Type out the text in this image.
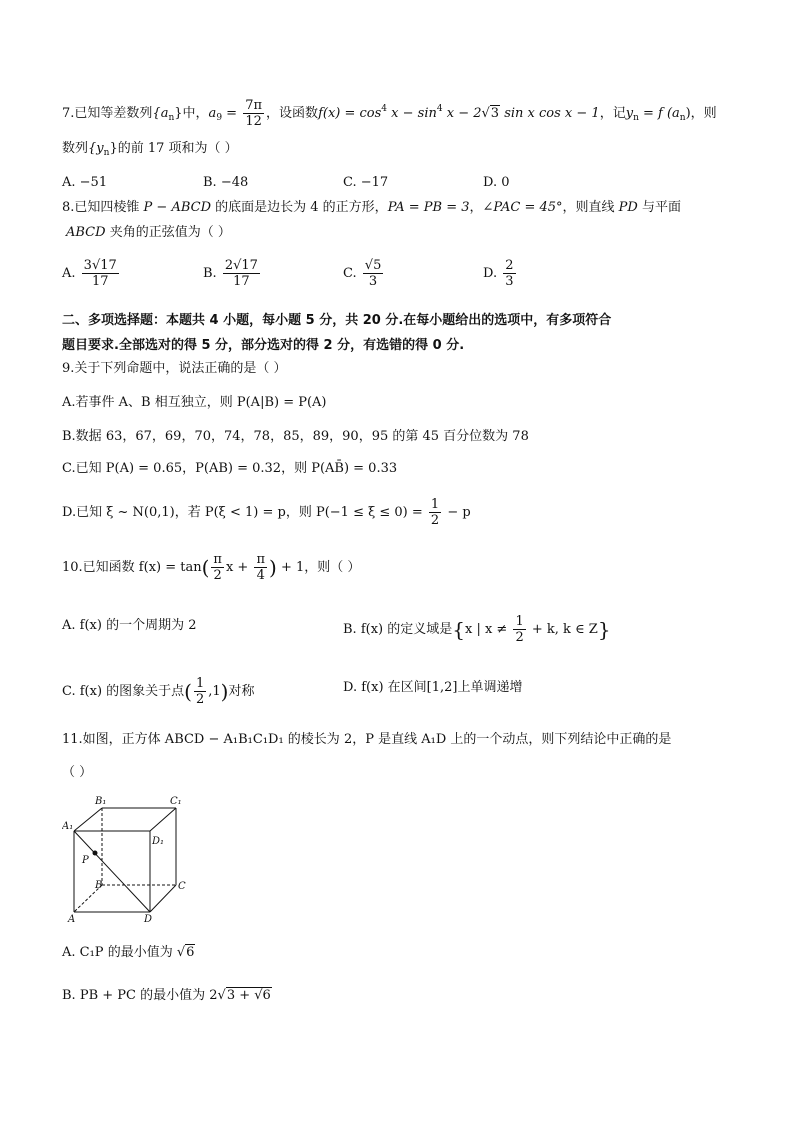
7.已知等差数列$\{a_n\}$中，$a_9 = \frac{7\pi}{12}$ ，设函数$f(x) = \cos^4 x - \sin^4 x - 2√3$ sin x cos x − 1，记$y_n = f$ $(a_n)$，则
数列$\{y_n\}$的前 17 项和为（ ）
A. −51	B. −48	C. −17	D. 0
8.已知四棱锥 P − ABCD 的底面是边长为 4 的正方形，PA = PB = 3，∠PAC = 45°，则直线 PD 与平面
ABCD 夹角的正弦值为（ ）
A. $\frac{3√17}{17}$	B. $\frac{2√17}{17}$	C. $\frac{√5}{3}$	D. $\frac{2}{3}$
二、多项选择题：本题共 4 小题，每小题 5 分，共 20 分.在每小题给出的选项中，有多项符合
题目要求.全部选对的得 5 分，部分选对的得 2 分，有选错的得 0 分.
9.关于下列命题中，说法正确的是（ ）
A.若事件 A、B 相互独立，则 P(A|B) = P(A)
B.数据 63，67，69，70，74，78，85，89，90，95 的第 45 百分位数为 78
C.已知 P(A) = 0.65，P(AB) = 0.32，则 P(AB̄) = 0.33
D.已知 ξ ~ N(0,1)，若 P(ξ < 1) = p，则 $P(-1 \le \xi \le 0) = \frac{1}{2} - p$
10.已知函数 $f(x) = \tan( \frac{\pi}{2}$ $x + \frac{\pi}{4}$ ) + 1，则（ ）
A. f(x) 的一个周期为 2	B. f(x) 的定义域是{x | $x \ne \frac{1}{2} + k$, k ∈ Z}
C. f(x) 的图象关于点( $\frac{1}{2} ,1$)对称	D. f(x) 在区间[1,2]上单调递增
11.如图，正方体 ABCD − A₁B₁C₁D₁ 的棱长为 2，P 是直线 A₁D 上的一个动点，则下列结论中正确的是
（ ）
B₁	C₁
A₁
D₁
P
B	C
A	D
A. C₁P 的最小值为 √6
B. PB + PC 的最小值为 2√3 + √6
